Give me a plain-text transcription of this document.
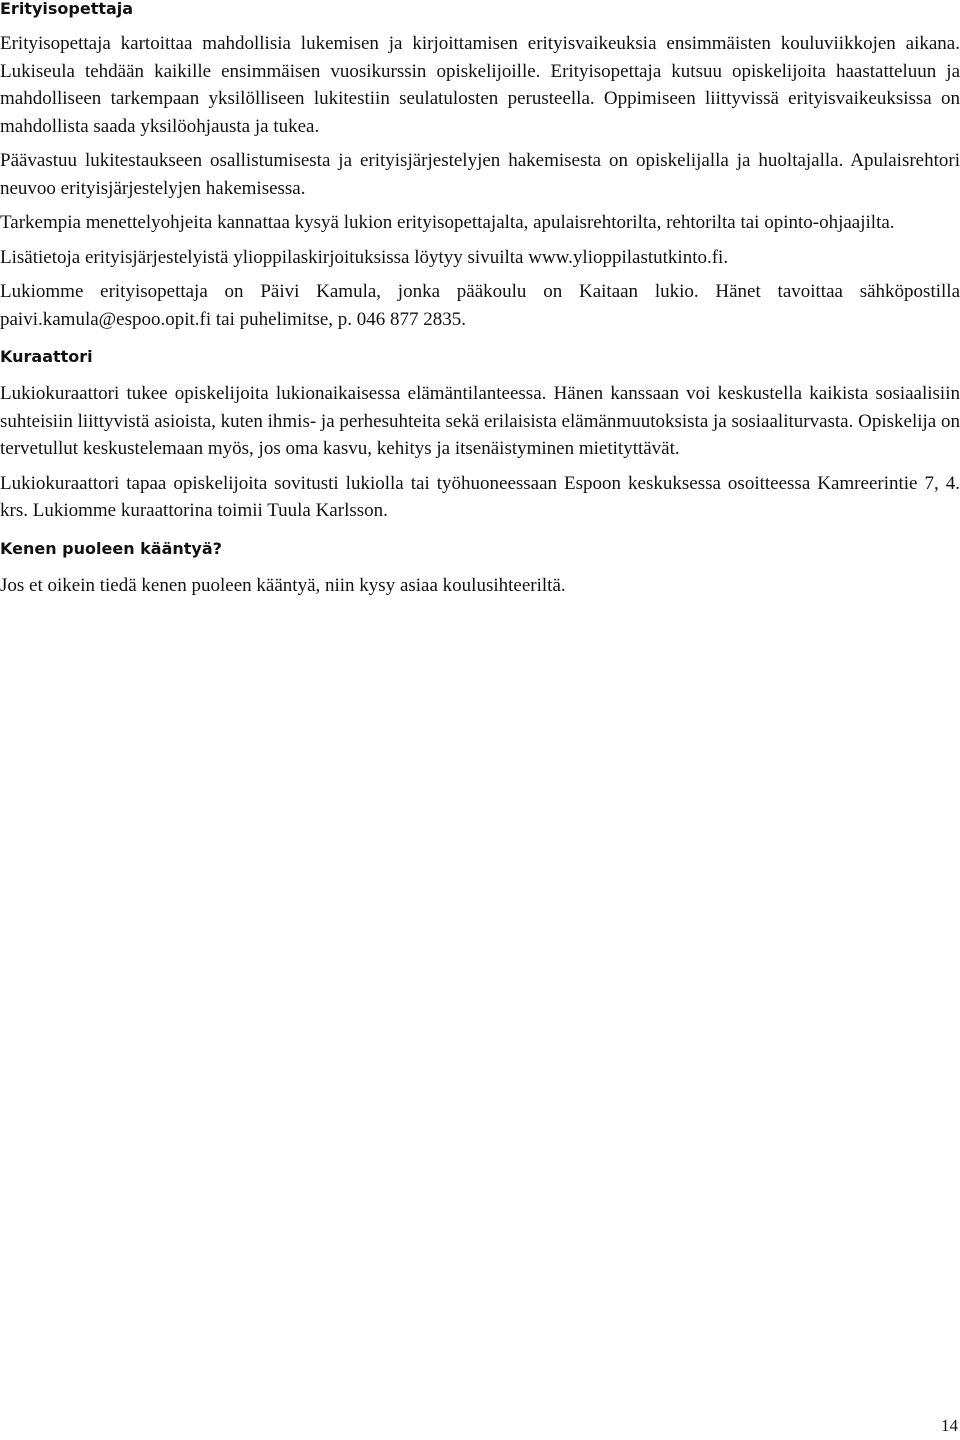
Erityisopettaja

Erityisopettaja kartoittaa mahdollisia lukemisen ja kirjoittamisen erityisvaikeuksia ensimmäisten kouluviikkojen aikana. Lukiseula tehdään kaikille ensimmäisen vuosikurssin opiskelijoille. Erityisopettaja kutsuu opiskelijoita haastatteluun ja mahdolliseen tarkempaan yksilölliseen lukitestiin seulatulosten perusteella. Oppimiseen liittyvissä erityisvaikeuksissa on mahdollista saada yksilöohjausta ja tukea.

Päävastuu lukitestaukseen osallistumisesta ja erityisjärjestelyjen hakemisesta on opiskelijalla ja huoltajalla. Apulaisrehtori neuvoo erityisjärjestelyjen hakemisessa.

Tarkempia menettelyohjeita kannattaa kysyä lukion erityisopettajalta, apulaisrehtorilta, rehtorilta tai opinto-ohjaajilta.

Lisätietoja erityisjärjestelyistä ylioppilaskirjoituksissa löytyy sivuilta www.ylioppilastutkinto.fi.

Lukiomme erityisopettaja on Päivi Kamula, jonka pääkoulu on Kaitaan lukio. Hänet tavoittaa sähköpostilla paivi.kamula@espoo.opit.fi tai puhelimitse, p. 046 877 2835.

Kuraattori

Lukiokuraattori tukee opiskelijoita lukionaikaisessa elämäntilanteessa. Hänen kanssaan voi keskustella kaikista sosiaalisiin suhteisiin liittyvistä asioista, kuten ihmis- ja perhesuhteita sekä erilaisista elämänmuutoksista ja sosiaaliturvasta. Opiskelija on tervetullut keskustelemaan myös, jos oma kasvu, kehitys ja itsenäistyminen mietityttävät.

Lukiokuraattori tapaa opiskelijoita sovitusti lukiolla tai työhuoneessaan Espoon keskuksessa osoitteessa Kamreerintie 7, 4. krs. Lukiomme kuraattorina toimii Tuula Karlsson.

Kenen puoleen kääntyä?

Jos et oikein tiedä kenen puoleen kääntyä, niin kysy asiaa koulusihteeriltä.

14
